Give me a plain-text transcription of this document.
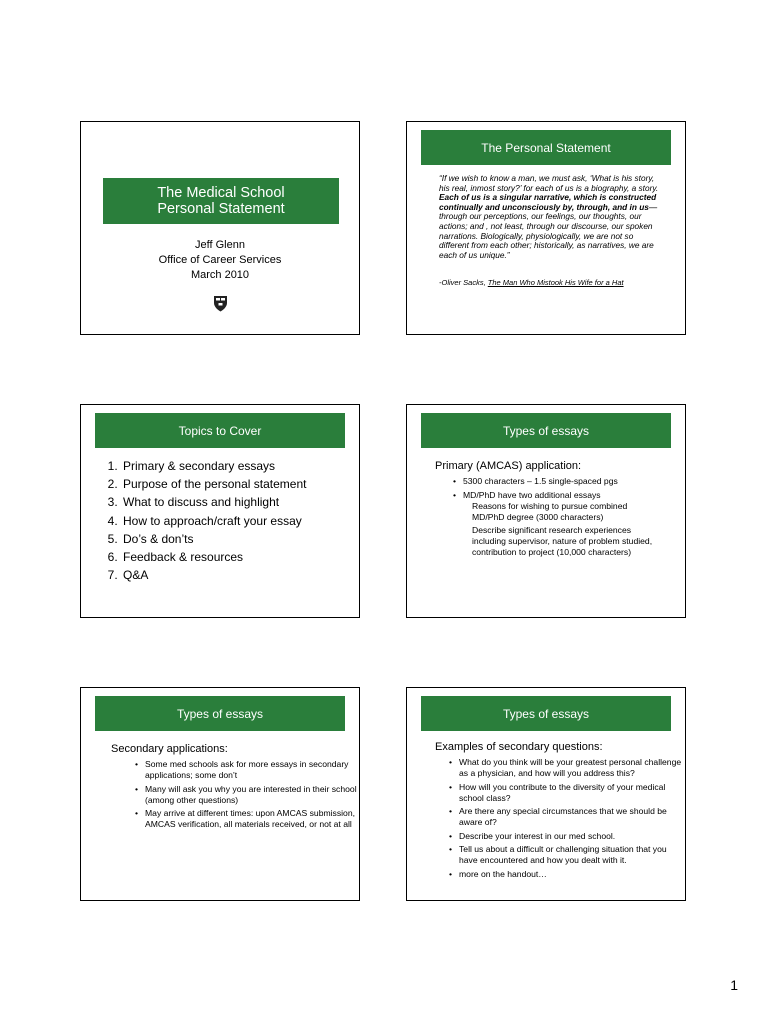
The Medical School
Personal Statement
Jeff Glenn
Office of Career Services
March 2010
The Personal Statement
“If we wish to know a man, we must ask, ‘What is his story, his real, inmost story?’ for each of us is a biography, a story. Each of us is a singular narrative, which is constructed continually and unconsciously by, through, and in us—through our perceptions, our feelings, our thoughts, our actions; and , not least, through our discourse, our spoken narrations. Biologically, physiologically, we are not so different from each other; historically, as narratives, we are each of us unique.”
-Oliver Sacks, The Man Who Mistook His Wife for a Hat
Topics to Cover
1. Primary & secondary essays
2. Purpose of the personal statement
3. What to discuss and highlight
4. How to approach/craft your essay
5. Do’s & don’ts
6. Feedback & resources
7. Q&A
Types of essays
Primary (AMCAS) application:
• 5300 characters – 1.5 single-spaced pgs
• MD/PhD have two additional essays
Reasons for wishing to pursue combined MD/PhD degree (3000 characters)
Describe significant research experiences including supervisor, nature of problem studied, contribution to project (10,000 characters)
Types of essays
Secondary applications:
• Some med schools ask for more essays in secondary applications; some don’t
• Many will ask you why you are interested in their school (among other questions)
• May arrive at different times: upon AMCAS submission, AMCAS verification, all materials received, or not at all
Types of essays
Examples of secondary questions:
• What do you think will be your greatest personal challenge as a physician, and how will you address this?
• How will you contribute to the diversity of your medical school class?
• Are there any special circumstances that we should be aware of?
• Describe your interest in our med school.
• Tell us about a difficult or challenging situation that you have encountered and how you dealt with it.
• more on the handout…
1
